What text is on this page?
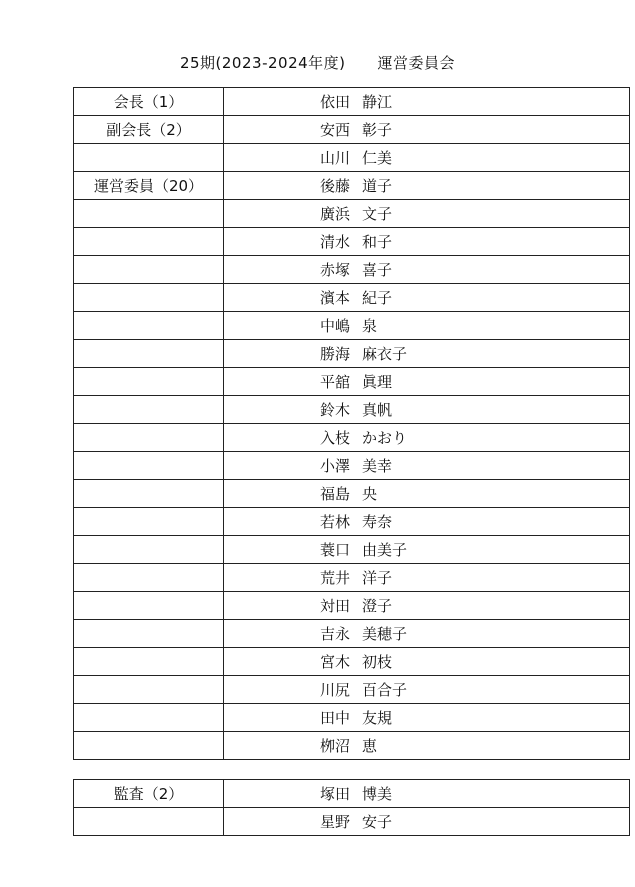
25期(2023-2024年度) 運営委員会
会長（1）	依田 静江
副会長（2）	安西 彰子
	山川 仁美
運営委員（20）	後藤 道子
	廣浜 文子
	清水 和子
	赤塚 喜子
	濱本 紀子
	中嶋 泉
	勝海 麻衣子
	平舘 眞理
	鈴木 真帆
	入枝 かおり
	小澤 美幸
	福島 央
	若林 寿奈
	蓑口 由美子
	荒井 洋子
	対田 澄子
	吉永 美穂子
	宮木 初枝
	川尻 百合子
	田中 友規
	栁沼 恵
監査（2）	塚田 博美
	星野 安子
